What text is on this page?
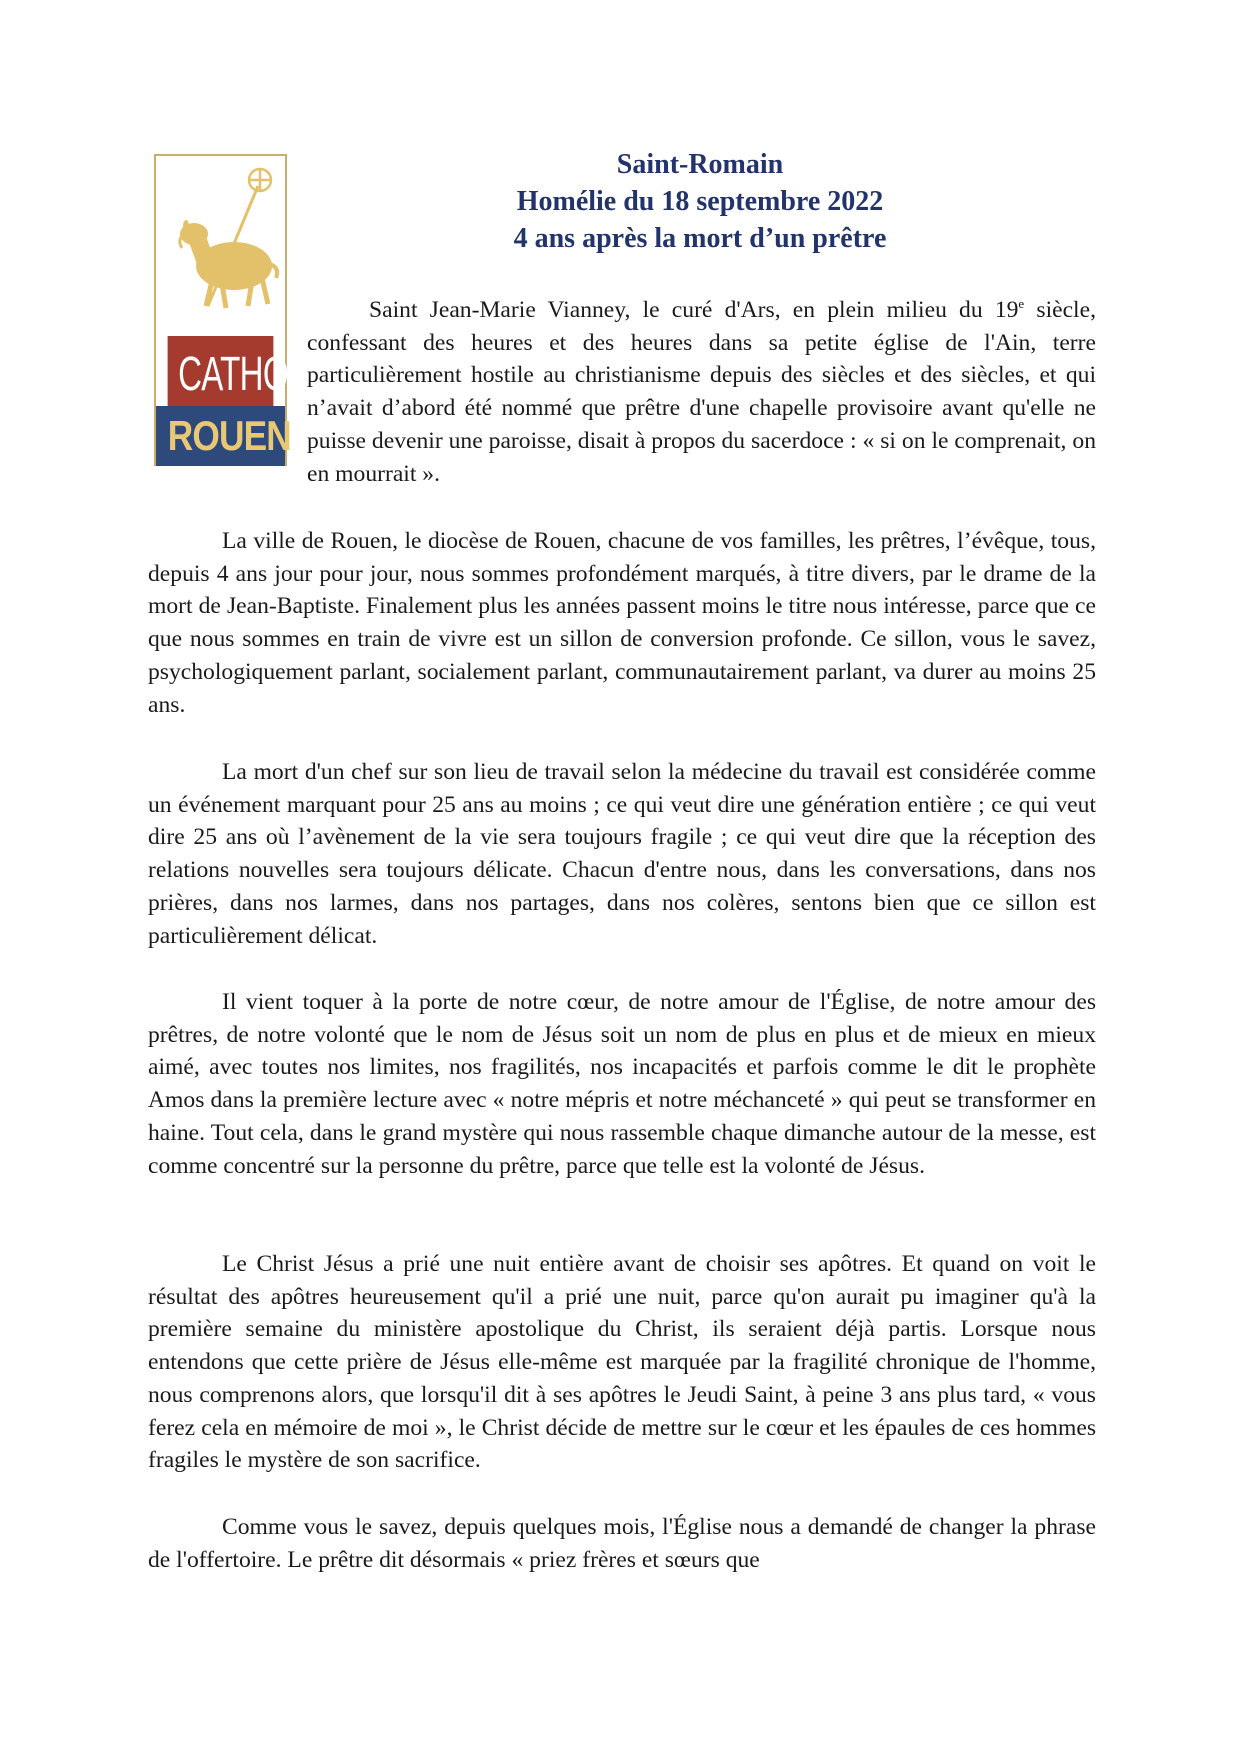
CATHO
ROUEN
Saint-Romain
Homélie du 18 septembre 2022
4 ans après la mort d’un prêtre

Saint Jean-Marie Vianney, le curé d'Ars, en plein milieu du 19e siècle, confessant des heures et des heures dans sa petite église de l'Ain, terre particulièrement hostile au christianisme depuis des siècles et des siècles, et qui n’avait d’abord été nommé que prêtre d'une chapelle provisoire avant qu'elle ne puisse devenir une paroisse, disait à propos du sacerdoce : « si on le comprenait, on en mourrait ».

La ville de Rouen, le diocèse de Rouen, chacune de vos familles, les prêtres, l’évêque, tous, depuis 4 ans jour pour jour, nous sommes profondément marqués, à titre divers, par le drame de la mort de Jean-Baptiste. Finalement plus les années passent moins le titre nous intéresse, parce que ce que nous sommes en train de vivre est un sillon de conversion profonde. Ce sillon, vous le savez, psychologiquement parlant, socialement parlant, communautairement parlant, va durer au moins 25 ans.

La mort d'un chef sur son lieu de travail selon la médecine du travail est considérée comme un événement marquant pour 25 ans au moins ; ce qui veut dire une génération entière ; ce qui veut dire 25 ans où l’avènement de la vie sera toujours fragile ; ce qui veut dire que la réception des relations nouvelles sera toujours délicate. Chacun d'entre nous, dans les conversations, dans nos prières, dans nos larmes, dans nos partages, dans nos colères, sentons bien que ce sillon est particulièrement délicat.

Il vient toquer à la porte de notre cœur, de notre amour de l'Église, de notre amour des prêtres, de notre volonté que le nom de Jésus soit un nom de plus en plus et de mieux en mieux aimé, avec toutes nos limites, nos fragilités, nos incapacités et parfois comme le dit le prophète Amos dans la première lecture avec « notre mépris et notre méchanceté » qui peut se transformer en haine. Tout cela, dans le grand mystère qui nous rassemble chaque dimanche autour de la messe, est comme concentré sur la personne du prêtre, parce que telle est la volonté de Jésus.

Le Christ Jésus a prié une nuit entière avant de choisir ses apôtres. Et quand on voit le résultat des apôtres heureusement qu'il a prié une nuit, parce qu'on aurait pu imaginer qu'à la première semaine du ministère apostolique du Christ, ils seraient déjà partis. Lorsque nous entendons que cette prière de Jésus elle-même est marquée par la fragilité chronique de l'homme, nous comprenons alors, que lorsqu'il dit à ses apôtres le Jeudi Saint, à peine 3 ans plus tard, « vous ferez cela en mémoire de moi », le Christ décide de mettre sur le cœur et les épaules de ces hommes fragiles le mystère de son sacrifice.

Comme vous le savez, depuis quelques mois, l'Église nous a demandé de changer la phrase de l'offertoire. Le prêtre dit désormais « priez frères et sœurs que
